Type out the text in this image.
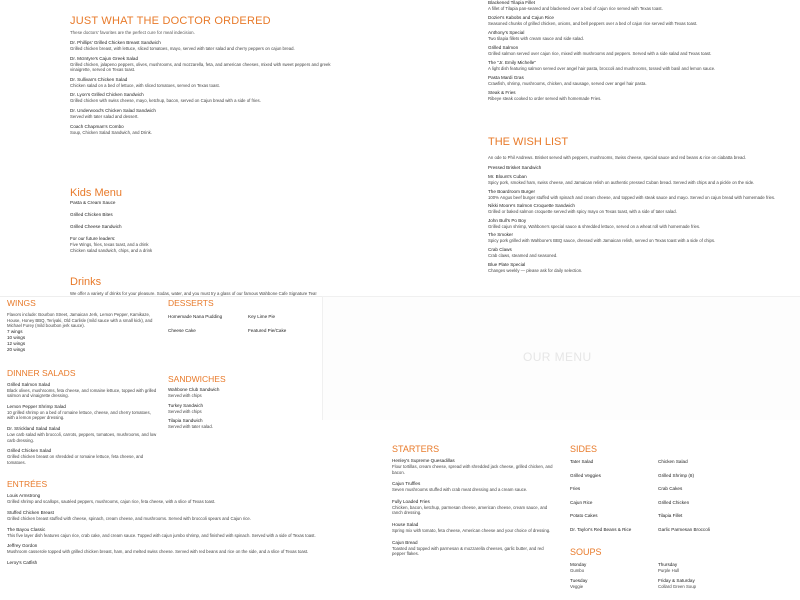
JUST WHAT THE DOCTOR ORDERED
These doctors' favorites are the perfect cure for meal indecision.
Dr. Phillips' Grilled Chicken Breast Sandwich
Grilled chicken breast, with lettuce, sliced tomatoes, mayo, served with tater salad and cherry peppers on cajun bread.
Dr. McIntyre's Cajun Greek Salad
Grilled chicken, jalapeno peppers, olives, mushrooms, and mozzarella, feta, and american cheeses, mixed with sweet peppers and greek vinaigrette, served on Texas toast.
Dr. Sullivan's Chicken Salad
Chicken salad on a bed of lettuce, with sliced tomatoes, served on Texas toast.
Dr. Lyon's Grilled Chicken Sandwich
Grilled chicken with swiss cheese, mayo, ketchup, bacon, served on Cajun bread with a side of fries.
Dr. Underwood's Chicken Salad Sandwich
Served with tater salad and dessert.
Coach Chapman's Combo
Soup, Chicken Salad Sandwich, and Drink.
Kids Menu
Pasta & Cream Sauce
Grilled Chicken Bites
Grilled Cheese Sandwich
For our future leaders:
Five Wings, fries, texas toast, and a drink
Chicken salad sandwich, chips, and a drink
Drinks
We offer a variety of drinks for your pleasure. Sodas, water, and you must try a glass of our famous Wahbone Cafe Signature Tea!
Blackened Tilapia Fillet
A fillet of Tilapia pan-seared and blackened over a bed of cajun rice served with Texas toast.
Dozier's Kabobs and Cajun Rice
Seasoned chunks of grilled chicken, onions, and bell peppers over a bed of cajun rice served with Texas toast.
Anthony's Special
Two tilapia fillets with cream sauce and side salad.
Grilled Salmon
Grilled salmon served over cajun rice, mixed with mushrooms and peppers. Served with a side salad and Texas toast.
The "Jr. Emily Michelle"
A light dish featuring salmon served over angel hair pasta, broccoli and mushrooms, tossed with basil and lemon sauce.
Pasta Mardi Gras
Crawfish, shrimp, mushrooms, chicken, and sausage, served over angel hair pasta.
Steak & Fries
Ribeye steak cooked to order served with homemade Fries.
THE WISH LIST
An ode to Phil Andrews. Brisket served with peppers, mushrooms, Swiss cheese, special sauce and red beans & rice on ciabatta bread.
Pressed Brisket Sandwich
Mr. Blount's Cuban
Spicy pork, smoked ham, swiss cheese, and Jamaican relish on authentic pressed Cuban bread. Served with chips and a pickle on the side.
The Boardroom Burger
100% Angus beef burger stuffed with spinach and cream cheese, and topped with steak sauce and mayo. Served on cajun bread with homemade fries.
Nikki Moore's Salmon Croquette Sandwich
Grilled or baked salmon croquette served with spicy mayo on Texas toast, with a side of tater salad.
John Bull's Po Boy
Grilled cajun shrimp, Wahbone's special sauce & shredded lettuce, served on a wheat roll with homemade fries.
The Smoker
Spicy pork grilled with Wahbone's BBQ sauce, dressed with Jamaican relish, served on Texas toast with a side of chips.
Crab Claws
Crab claws, steamed and seasoned.
Blue Plate Special
Changes weekly — please ask for daily selection.
WINGS
Flavors include: Bourbon Street, Jamaican Jerk, Lemon Pepper, Kamikaze, House, Honey BBQ, Teriyaki, Old Carlisle (mild sauce with a small kick), and Michael Furey (mild bourbon jerk sauce).
7 wings
10 wings
12 wings
20 wings
DINNER SALADS
Grilled Salmon Salad
Black olives, mushrooms, feta cheese, and romaine lettuce, topped with grilled salmon and vinaigrette dressing.
Lemon Pepper Shrimp Salad
10 grilled shrimp on a bed of romaine lettuce, cheese, and cherry tomatoes, with a lemon pepper dressing.
Dr. Strickland Salad Salad
Low carb salad with broccoli, carrots, peppers, tomatoes, mushrooms, and low carb dressing.
Grilled Chicken Salad
Grilled chicken breast on shredded or romaine lettuce, feta cheese, and tomatoes.
ENTRÉES
Louis Armstrong
Grilled shrimp and scallops, sautéed peppers, mushrooms, cajun rice, feta cheese, with a slice of Texas toast.
Stuffed Chicken Breast
Grilled chicken breast stuffed with cheese, spinach, cream cheese, and mushrooms. Served with broccoli spears and Cajun rice.
The Bayou Classic
This five layer dish features cajun rice, crab cake, and cream sauce. Topped with cajun jumbo shrimp, and finished with spinach. Served with a side of Texas toast.
Jeffrey Gordon
Mushroom casserole topped with grilled chicken breast, ham, and melted swiss cheese. Served with red beans and rice on the side, and a slice of Texas toast.
Leroy's Catfish
DESSERTS
Homemade Nana Pudding	Key Lime Pie
Cheese Cake	Featured Pie/Cake
SANDWICHES
Wahbone Club Sandwich
Served with chips
Turkey Sandwich
Served with chips
Tilapia Sandwich
Served with tater salad.
OUR MENU
STARTERS
Henley's Supreme Quesadillas
Flour tortillas, cream cheese, spread with shredded jack cheese, grilled chicken, and bacon.
Cajun Truffles
Seven mushrooms stuffed with crab meat dressing and a cream sauce.
Fully Loaded Fries
Chicken, bacon, ketchup, parmesan cheese, american cheese, cream sauce, and ranch dressing.
House Salad
Spring mix with tomato, feta cheese, American cheese and your choice of dressing.
Cajun Bread
Toasted and topped with parmesan & mozzarella cheeses, garlic butter, and red pepper flakes.
SIDES
Tater Salad	Chicken Salad
Grilled Veggies	Grilled Shrimp (8)
Fries	Crab Cakes
Cajun Rice	Grilled Chicken
Potato Cakes	Tilapia Fillet
Dr. Taylor's Red Beans & Rice	Garlic Parmesan Broccoli
SOUPS
Monday
Gumbo
Thursday
Purple Hull
Tuesday
Veggie
Friday & Saturday
Collard Green Soup
